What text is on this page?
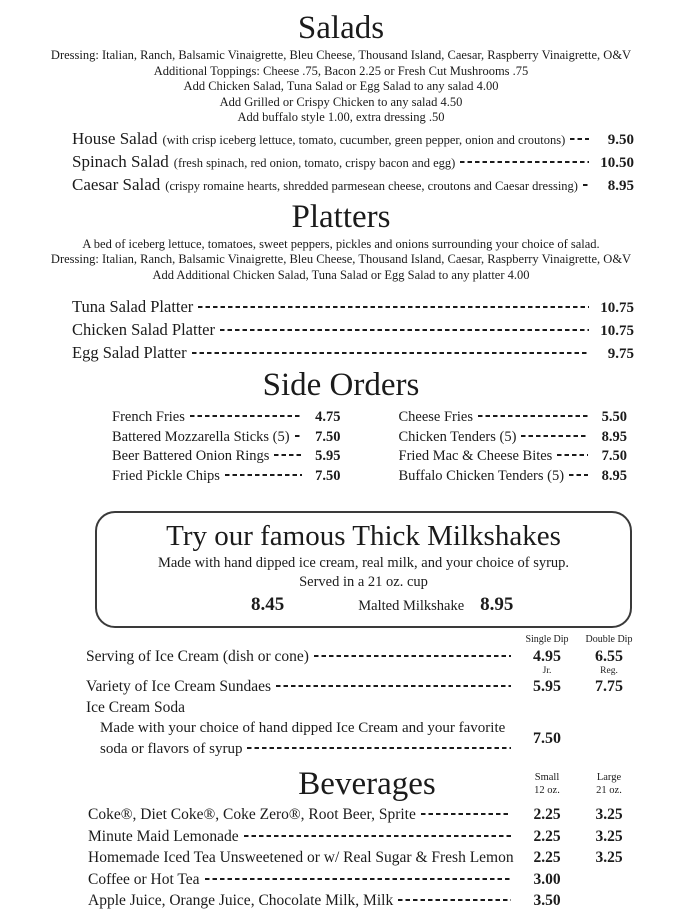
Salads

Dressing: Italian, Ranch, Balsamic Vinaigrette, Bleu Cheese, Thousand Island, Caesar, Raspberry Vinaigrette, O&V

Additional Toppings: Cheese .75, Bacon 2.25 or Fresh Cut Mushrooms .75

Add Chicken Salad, Tuna Salad or Egg Salad to any salad 4.00

Add Grilled or Crispy Chicken to any salad 4.50

Add buffalo style 1.00, extra dressing .50

House Salad (with crisp iceberg lettuce, tomato, cucumber, green pepper, onion and croutons)	9.50
Spinach Salad (fresh spinach, red onion, tomato, crispy bacon and egg)	10.50
Caesar Salad (crispy romaine hearts, shredded parmesean cheese, croutons and Caesar dressing)	8.95
Platters

A bed of iceberg lettuce, tomatoes, sweet peppers, pickles and onions surrounding your choice of salad.

Dressing: Italian, Ranch, Balsamic Vinaigrette, Bleu Cheese, Thousand Island, Caesar, Raspberry Vinaigrette, O&V

Add Additional Chicken Salad, Tuna Salad or Egg Salad to any platter 4.00

Tuna Salad Platter	10.75
Chicken Salad Platter	10.75
Egg Salad Platter	9.75
Side Orders
French Fries	4.75
Battered Mozzarella Sticks (5)	7.50
Beer Battered Onion Rings	5.95
Fried Pickle Chips	7.50
Cheese Fries	5.50
Chicken Tenders (5)	8.95
Fried Mac & Cheese Bites	7.50
Buffalo Chicken Tenders (5)	8.95
Try our famous Thick Milkshakes

Made with hand dipped ice cream, real milk, and your choice of syrup.

Served in a 21 oz. cup

8.45	Malted Milkshake 8.95
Single Dip	Double Dip
Serving of Ice Cream (dish or cone)	4.95	6.55
Jr.	Reg.
Variety of Ice Cream Sundaes	5.95	7.75
Ice Cream Soda
Made with your choice of hand dipped Ice Cream and your favorite
soda or flavors of syrup
7.50
Beverages	Small
12 oz.
Large
21 oz.
Coke®, Diet Coke®, Coke Zero®, Root Beer, Sprite	2.25	3.25
Minute Maid Lemonade	2.25	3.25
Homemade Iced Tea Unsweetened or w/ Real Sugar & Fresh Lemon	2.25	3.25
Coffee or Hot Tea	3.00
Apple Juice, Orange Juice, Chocolate Milk, Milk	3.50
